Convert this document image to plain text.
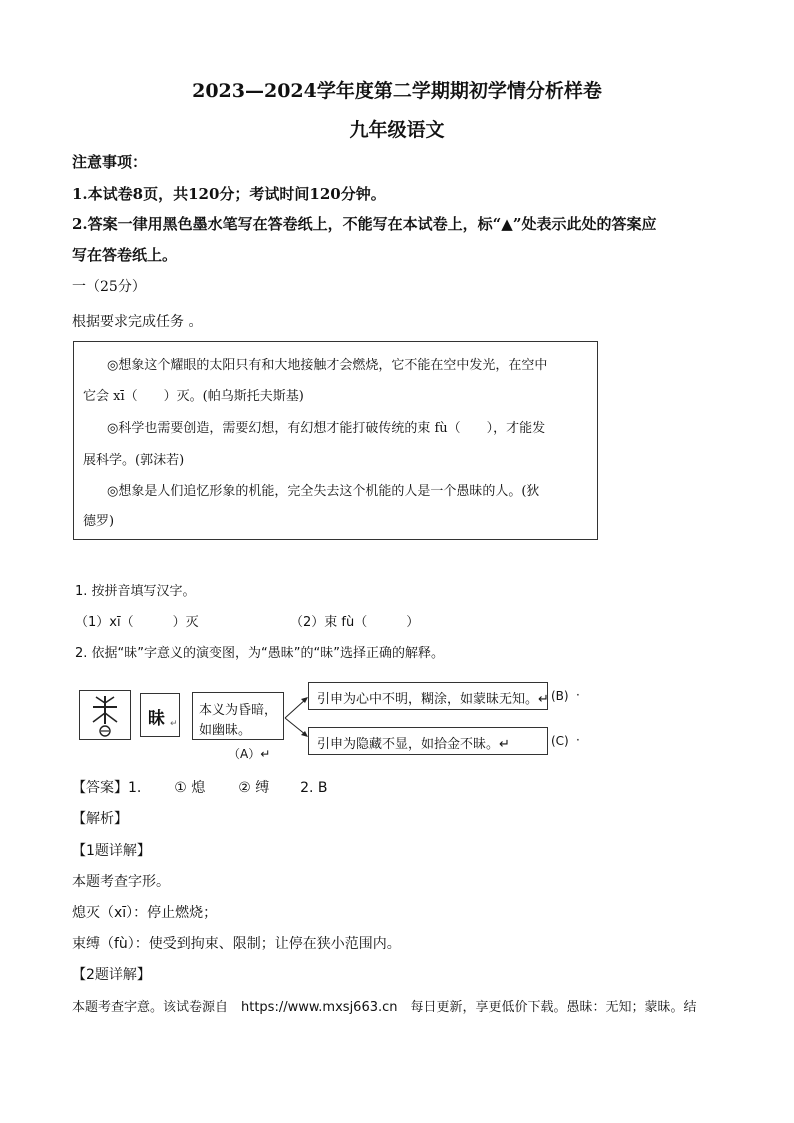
2023—2024学年度第二学期期初学情分析样卷
九年级语文
注意事项：
1.本试卷8页，共120分；考试时间120分钟。
2.答案一律用黑色墨水笔写在答卷纸上，不能写在本试卷上，标“▲”处表示此处的答案应
写在答卷纸上。
一（25分）
根据要求完成任务 。
◎想象这个耀眼的太阳只有和大地接触才会燃烧，它不能在空中发光，在空中
它会 xī（　　）灭。(帕乌斯托夫斯基)
◎科学也需要创造，需要幻想，有幻想才能打破传统的束 fù（　　），才能发
展科学。(郭沫若)
◎想象是人们追忆形象的机能，完全失去这个机能的人是一个愚昧的人。(狄
德罗)
1. 按拼音填写汉字。
（1）xī（　　　）灭	（2）束 fù（　　　）
2. 依据“昧”字意义的演变图，为“愚昧”的“昧”选择正确的解释。
昧 ↵
本义为昏暗，
如幽昧。
（A）↵
引申为心中不明，糊涂，如蒙昧无知。↵ (B) ·
引申为隐藏不显，如拾金不昧。↵	(C) ·
【答案】1. ① 熄 ② 缚 2. B
【解析】
【1题详解】
本题考查字形。
熄灭（xī）：停止燃烧；
束缚（fù）：使受到拘束、限制；让停在狭小范围内。
【2题详解】
本题考查字意。该试卷源自　https://www.mxsj663.cn　每日更新，享更低价下载。愚昧：无知；蒙昧。结
